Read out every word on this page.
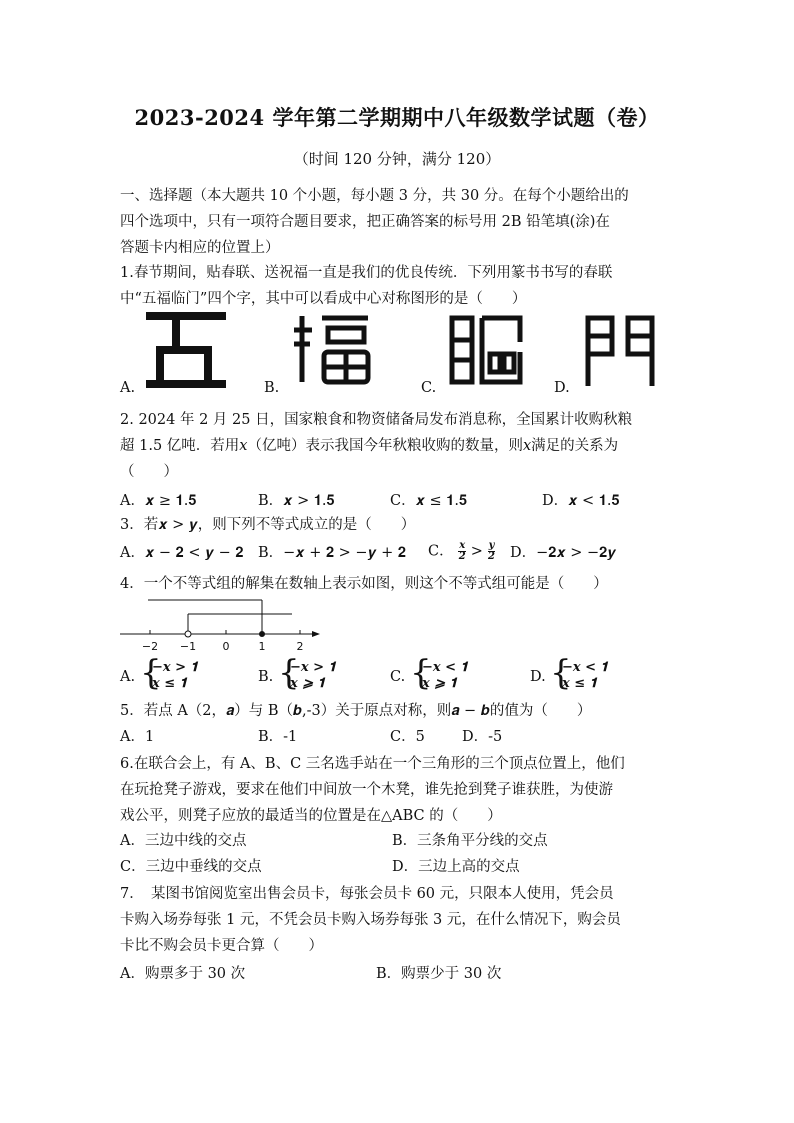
2023-2024 学年第二学期期中八年级数学试题（卷）
（时间 120 分钟，满分 120）
一、选择题（本大题共 10 个小题，每小题 3 分，共 30 分。在每个小题给出的
四个选项中，只有一项符合题目要求，把正确答案的标号用 2B 铅笔填(涂)在
答题卡内相应的位置上）
1.春节期间，贴春联、送祝福一直是我们的优良传统．下列用篆书书写的春联
中“五福临门”四个字，其中可以看成中心对称图形的是（　　）
A.	B.	C.	D.
2. 2024 年 2 月 25 日，国家粮食和物资储备局发布消息称，全国累计收购秋粮
超 1.5 亿吨．若用𝑥（亿吨）表示我国今年秋粮收购的数量，则𝑥满足的关系为
（　　）
A．𝒙 ≥ 𝟏.𝟓	B．𝒙 > 𝟏.𝟓	C．𝒙 ≤ 𝟏.𝟓	D．𝒙 < 𝟏.𝟓
3．若𝒙 > 𝒚，则下列不等式成立的是（　　）
A．𝒙 − 𝟐 < 𝒚 − 𝟐 B．−𝒙 + 𝟐 > −𝒚 + 𝟐 C． $\frac{x}{2} > \frac{y}{2}$ D．−𝟐𝒙 > −𝟐𝒚
4．一个不等式组的解集在数轴上表示如图，则这个不等式组可能是（　　）
−2 −1 0	1	2
A. {
−𝒙 > 𝟏
𝒙 ≤ 𝟏	B. {
−𝒙 > 𝟏
𝒙 ⩾ 𝟏	C. {
−𝒙 < 𝟏
𝒙 ⩾ 𝟏	D. {
−𝒙 < 𝟏
𝒙 ≤ 𝟏
5．若点 A（2，𝒂）与 B（𝒃,-3）关于原点对称，则𝒂 − 𝒃的值为（　　）
A．1	B．-1	C．5	D．-5
6.在联合会上，有 A、B、C 三名选手站在一个三角形的三个顶点位置上，他们
在玩抢凳子游戏，要求在他们中间放一个木凳，谁先抢到凳子谁获胜，为使游
戏公平，则凳子应放的最适当的位置是在△ABC 的（　　）
A．三边中线的交点	B．三条角平分线的交点
C．三边中垂线的交点	D．三边上高的交点
7．　某图书馆阅览室出售会员卡，每张会员卡 60 元，只限本人使用，凭会员
卡购入场券每张 1 元，不凭会员卡购入场券每张 3 元，在什么情况下，购会员
卡比不购会员卡更合算（　　）
A．购票多于 30 次	B．购票少于 30 次
